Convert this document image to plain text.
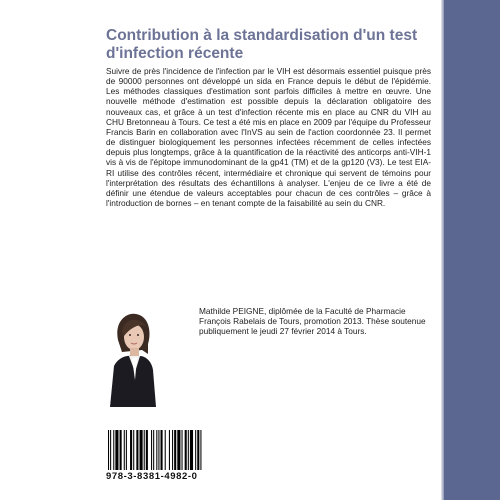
Contribution à la standardisation d'un test d'infection récente

Suivre de près l'incidence de l'infection par le VIH est désormais essentiel puisque près de 90000 personnes ont développé un sida en France depuis le début de l'épidémie. Les méthodes classiques d'estimation sont parfois difficiles à mettre en œuvre. Une nouvelle méthode d'estimation est possible depuis la déclaration obligatoire des nouveaux cas, et grâce à un test d'infection récente mis en place au CNR du VIH au CHU Bretonneau à Tours. Ce test a été mis en place en 2009 par l'équipe du Professeur Francis Barin en collaboration avec l'InVS au sein de l'action coordonnée 23. Il permet de distinguer biologiquement les personnes infectées récemment de celles infectées depuis plus longtemps, grâce à la quantification de la réactivité des anticorps anti-VIH-1 vis à vis de l'épitope immunodominant de la gp41 (TM) et de la gp120 (V3). Le test EIA-RI utilise des contrôles récent, intermédiaire et chronique qui servent de témoins pour l'interprétation des résultats des échantillons à analyser. L'enjeu de ce livre a été de définir une étendue de valeurs acceptables pour chacun de ces contrôles – grâce à l'introduction de bornes – en tenant compte de la faisabilité au sein du CNR.

Mathilde PEIGNE, diplômée de la Faculté de Pharmacie François Rabelais de Tours, promotion 2013. Thèse soutenue publiquement le jeudi 27 février 2014 à Tours.

978-3-8381-4982-0
